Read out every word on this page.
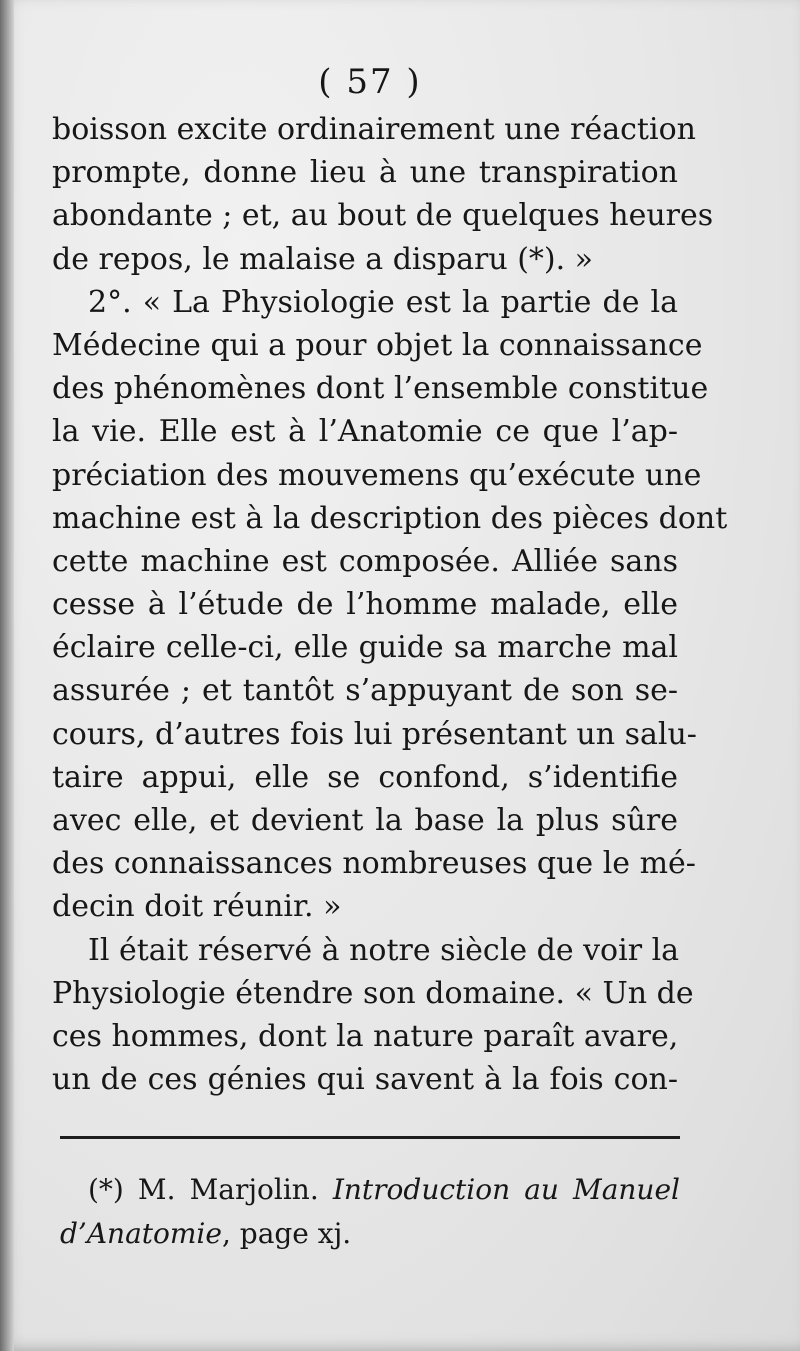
( 57 )
boisson excite ordinairement une réaction
prompte, donne lieu à une transpiration
abondante ; et, au bout de quelques heures
de repos, le malaise a disparu (*). »
2°. « La Physiologie est la partie de la
Médecine qui a pour objet la connaissance
des phénomènes dont l’ensemble constitue
la vie. Elle est à l’Anatomie ce que l’ap-
préciation des mouvemens qu’exécute une
machine est à la description des pièces dont
cette machine est composée. Alliée sans
cesse à l’étude de l’homme malade, elle
éclaire celle-ci, elle guide sa marche mal
assurée ; et tantôt s’appuyant de son se-
cours, d’autres fois lui présentant un salu-
taire appui, elle se confond, s’identifie
avec elle, et devient la base la plus sûre
des connaissances nombreuses que le mé-
decin doit réunir. »
Il était réservé à notre siècle de voir la
Physiologie étendre son domaine. « Un de
ces hommes, dont la nature paraît avare,
un de ces génies qui savent à la fois con-
(*) M. Marjolin. Introduction au Manuel
d’Anatomie, page xj.
